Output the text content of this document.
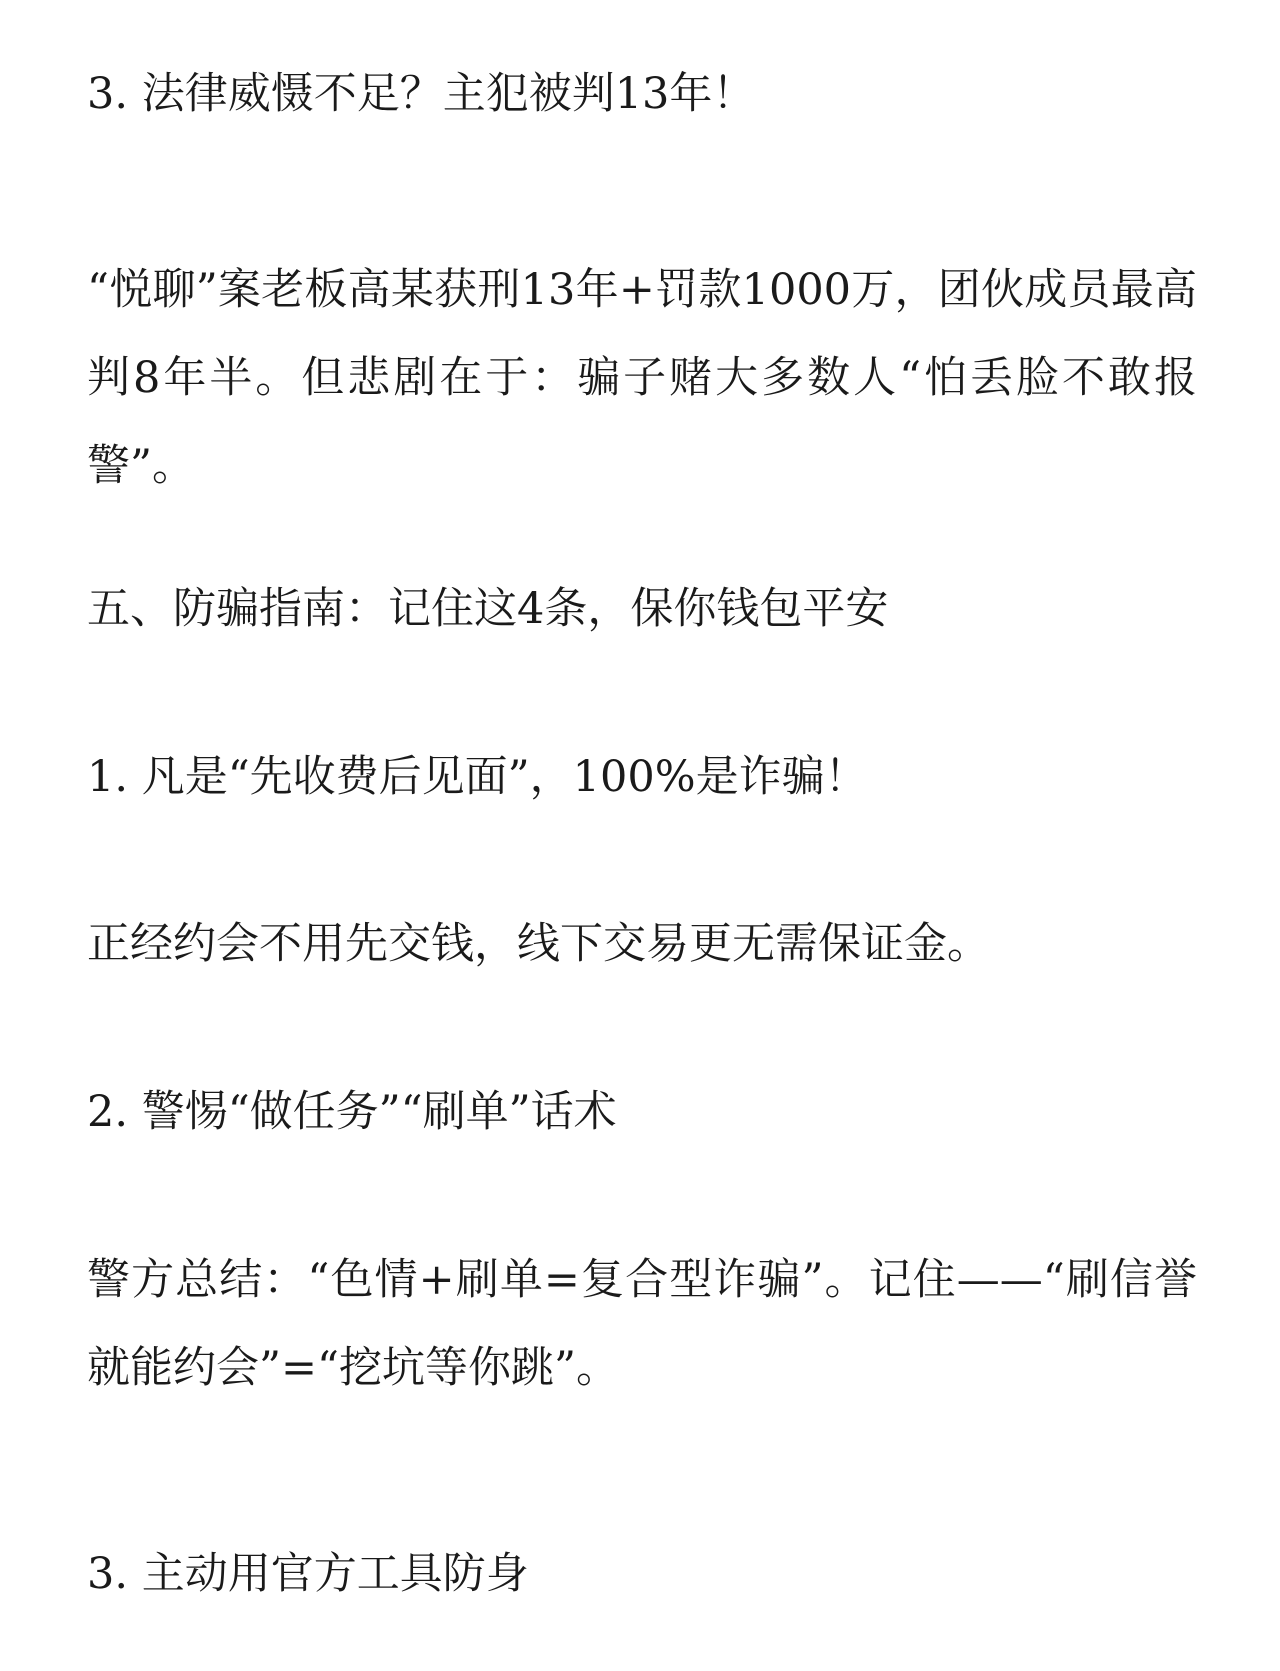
3. 法律威慑不足？主犯被判13年！

“悦聊”案老板高某获刑13年+罚款1000万，团伙成员最高判8年半。但悲剧在于：骗子赌大多数人“怕丢脸不敢报警”。

五、防骗指南：记住这4条，保你钱包平安

1. 凡是“先收费后见面”，100%是诈骗！

正经约会不用先交钱，线下交易更无需保证金。

2. 警惕“做任务”“刷单”话术

警方总结：“色情+刷单=复合型诈骗”。记住——“刷信誉就能约会”=“挖坑等你跳”。

3. 主动用官方工具防身
